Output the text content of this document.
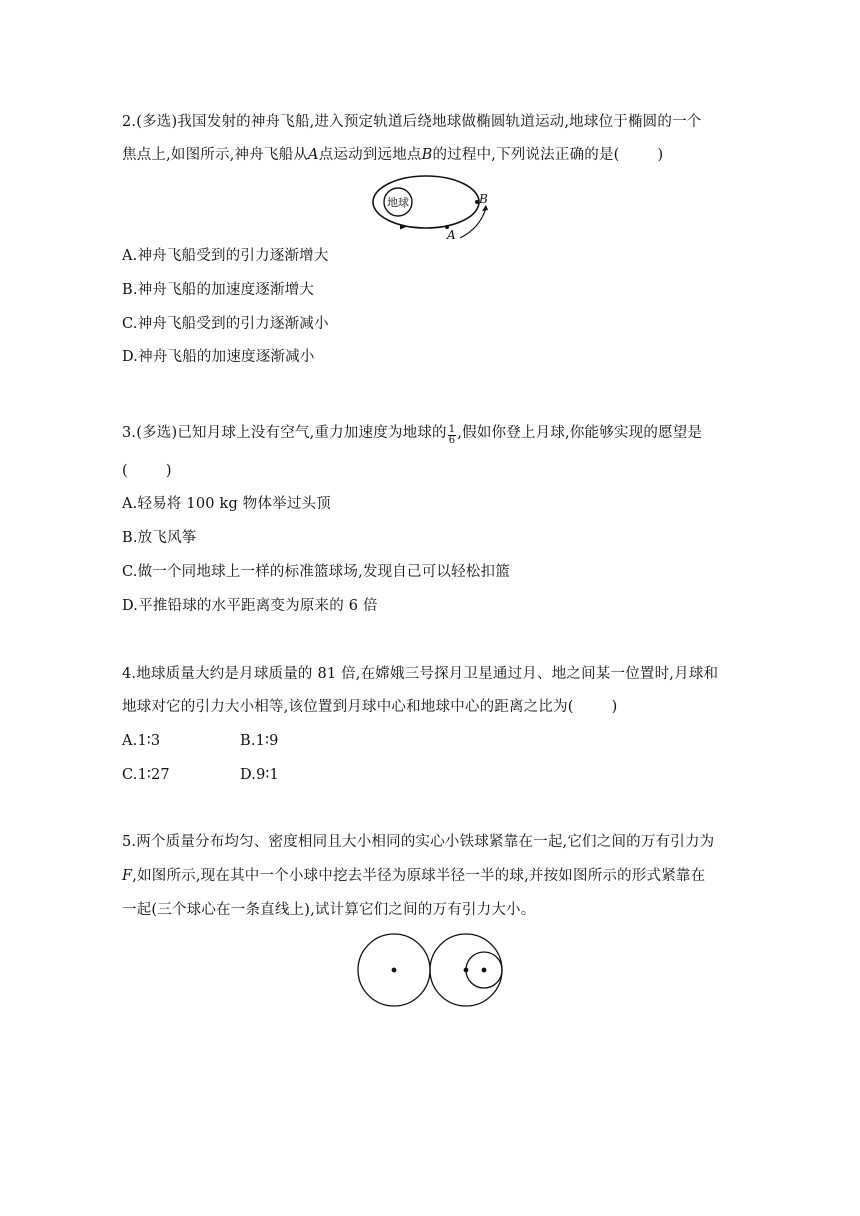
2.(多选)我国发射的神舟飞船,进入预定轨道后绕地球做椭圆轨道运动,地球位于椭圆的一个
焦点上,如图所示,神舟飞船从A点运动到远地点B的过程中,下列说法正确的是(	)
地球
A
B
A.神舟飞船受到的引力逐渐增大
B.神舟飞船的加速度逐渐增大
C.神舟飞船受到的引力逐渐减小
D.神舟飞船的加速度逐渐减小
3.(多选)已知月球上没有空气,重力加速度为地球的 $\frac{1}{6}$ ,假如你登上月球,你能够实现的愿望是
(	)
A.轻易将 100 kg 物体举过头顶
B.放飞风筝
C.做一个同地球上一样的标准篮球场,发现自己可以轻松扣篮
D.平推铅球的水平距离变为原来的 6 倍
4.地球质量大约是月球质量的 81 倍,在嫦娥三号探月卫星通过月、地之间某一位置时,月球和
地球对它的引力大小相等,该位置到月球中心和地球中心的距离之比为(	)
A.1∶3	B.1∶9
C.1∶27	D.9∶1
5.两个质量分布均匀、密度相同且大小相同的实心小铁球紧靠在一起,它们之间的万有引力为
F,如图所示,现在其中一个小球中挖去半径为原球半径一半的球,并按如图所示的形式紧靠在
一起(三个球心在一条直线上),试计算它们之间的万有引力大小。
